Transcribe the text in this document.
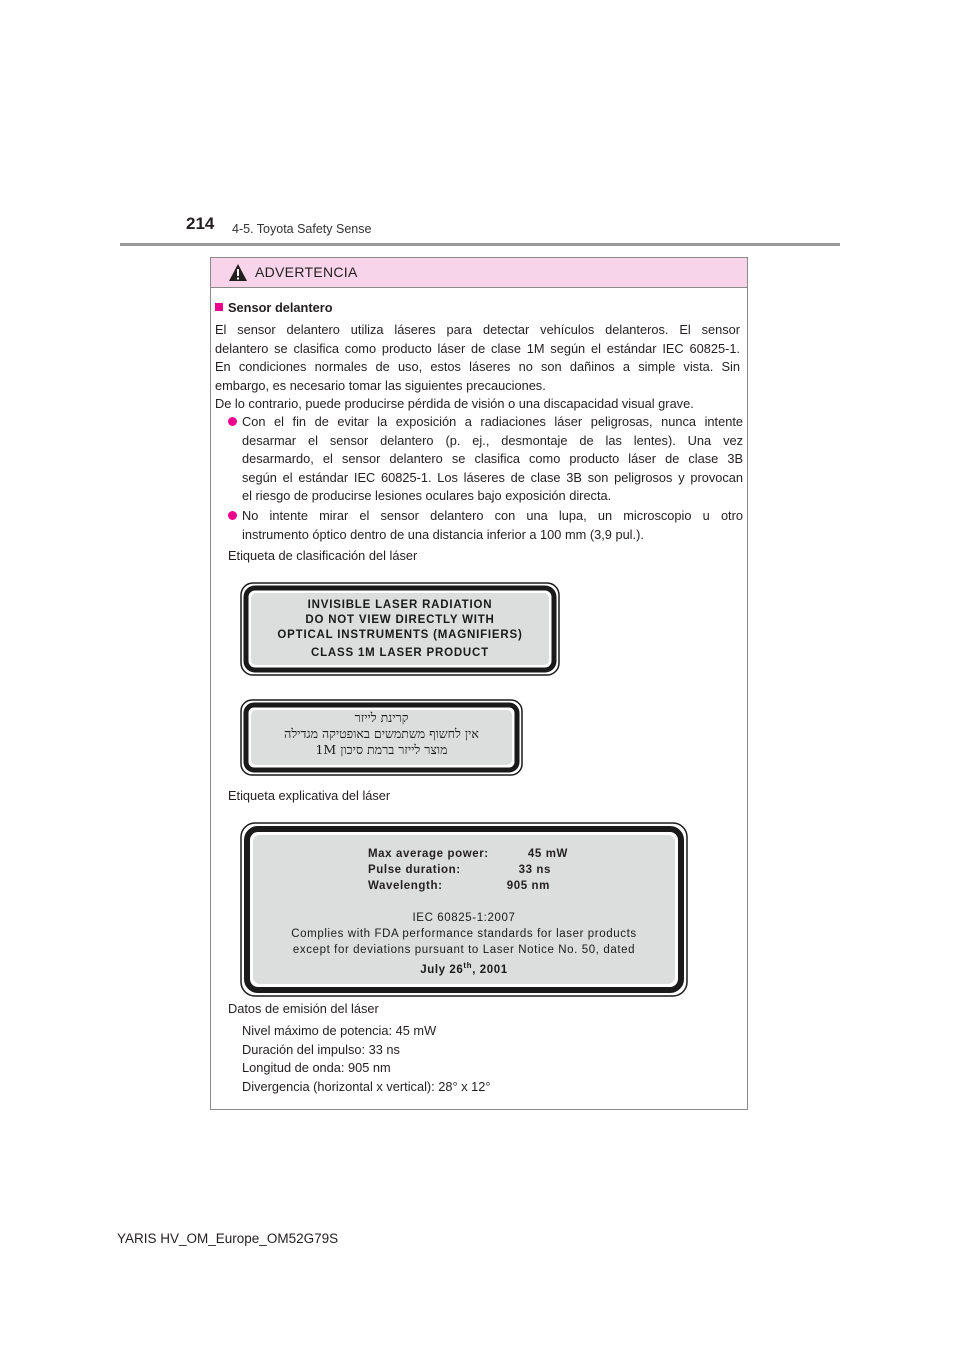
214 4-5. Toyota Safety Sense
ADVERTENCIA
Sensor delantero
El sensor delantero utiliza láseres para detectar vehículos delanteros. El sensor
delantero se clasifica como producto láser de clase 1M según el estándar IEC 60825-1.
En condiciones normales de uso, estos láseres no son dañinos a simple vista. Sin
embargo, es necesario tomar las siguientes precauciones.
De lo contrario, puede producirse pérdida de visión o una discapacidad visual grave.
Con el fin de evitar la exposición a radiaciones láser peligrosas, nunca intente
desarmar el sensor delantero (p. ej., desmontaje de las lentes). Una vez
desarmardo, el sensor delantero se clasifica como producto láser de clase 3B
según el estándar IEC 60825-1. Los láseres de clase 3B son peligrosos y provocan
el riesgo de producirse lesiones oculares bajo exposición directa.
No intente mirar el sensor delantero con una lupa, un microscopio u otro
instrumento óptico dentro de una distancia inferior a 100 mm (3,9 pul.).
Etiqueta de clasificación del láser
INVISIBLE LASER RADIATION
DO NOT VIEW DIRECTLY WITH
OPTICAL INSTRUMENTS (MAGNIFIERS)
CLASS 1M LASER PRODUCT
קרינת לייזר
אין לחשוף משתמשים באופטיקה מגדילה
מוצר לייזר ברמת סיכון 1M
Etiqueta explicativa del láser
Max average power:	45 mW
Pulse duration:	33 ns
Wavelength:	905 nm
IEC 60825-1:2007
Complies with FDA performance standards for laser products
except for deviations pursuant to Laser Notice No. 50, dated
July 26th, 2001
Datos de emisión del láser
Nivel máximo de potencia: 45 mW
Duración del impulso: 33 ns
Longitud de onda: 905 nm
Divergencia (horizontal x vertical): 28° x 12°
YARIS HV_OM_Europe_OM52G79S
